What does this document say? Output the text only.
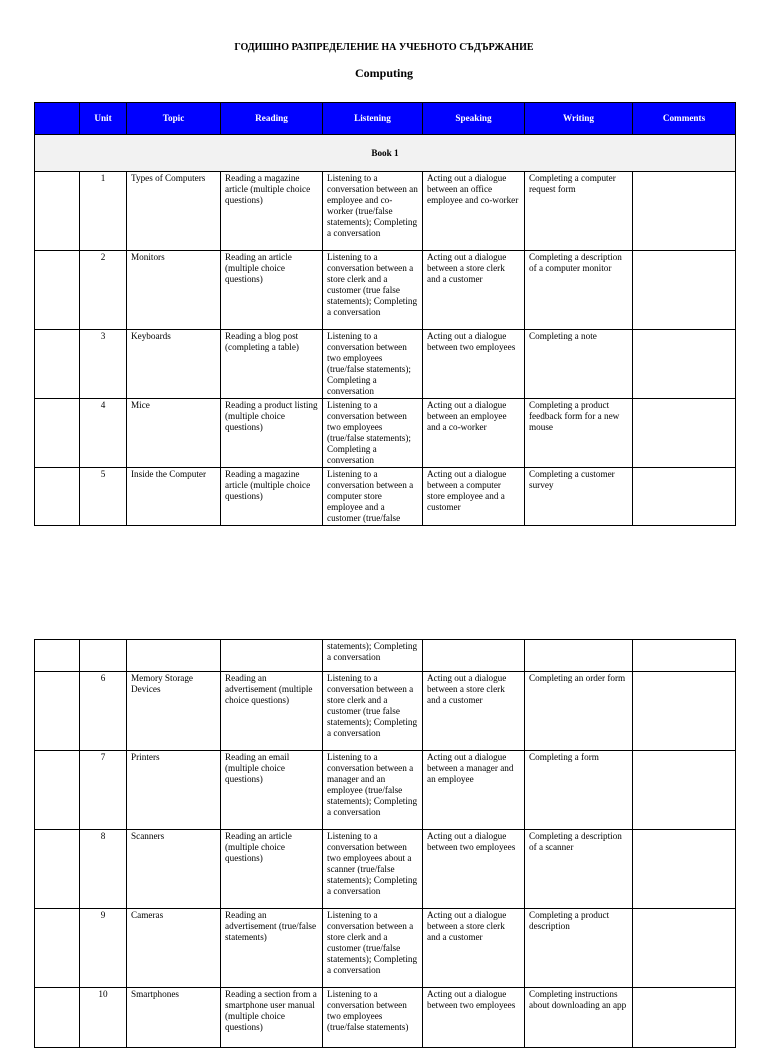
ГОДИШНО РАЗПРЕДЕЛЕНИЕ НА УЧЕБНОТО СЪДЪРЖАНИЕ
Computing
	Unit	Topic	Reading	Listening	Speaking	Writing	Comments
Book 1							
	1	Types of Computers	Reading a magazine article (multiple choice questions)	Listening to a conversation between an employee and co-worker (true/false statements); Completing a conversation	Acting out a dialogue between an office employee and co-worker	Completing a computer request form	
	2	Monitors	Reading an article (multiple choice questions)	Listening to a conversation between a store clerk and a customer (true false statements); Completing a conversation	Acting out a dialogue between a store clerk and a customer	Completing a description of a computer monitor	
	3	Keyboards	Reading a blog post (completing a table)	Listening to a conversation between two employees (true/false statements); Completing a conversation	Acting out a dialogue between two employees	Completing a note	
	4	Mice	Reading a product listing (multiple choice questions)	Listening to a conversation between two employees (true/false statements); Completing a conversation	Acting out a dialogue between an employee and a co-worker	Completing a product feedback form for a new mouse	
	5	Inside the Computer	Reading a magazine article (multiple choice questions)	Listening to a conversation between a computer store employee and a customer (true/false	Acting out a dialogue between a computer store employee and a customer	Completing a customer survey	
				statements); Completing a conversation			
	6	Memory Storage Devices	Reading an advertisement (multiple choice questions)	Listening to a conversation between a store clerk and a customer (true false statements); Completing a conversation	Acting out a dialogue between a store clerk and a customer	Completing an order form	
	7	Printers	Reading an email (multiple choice questions)	Listening to a conversation between a manager and an employee (true/false statements); Completing a conversation	Acting out a dialogue between a manager and an employee	Completing a form	
	8	Scanners	Reading an article (multiple choice questions)	Listening to a conversation between two employees about a scanner (true/false statements); Completing a conversation	Acting out a dialogue between two employees	Completing a description of a scanner	
	9	Cameras	Reading an advertisement (true/false statements)	Listening to a conversation between a store clerk and a customer (true/false statements); Completing a conversation	Acting out a dialogue between a store clerk and a customer	Completing a product description	
	10	Smartphones	Reading a section from a smartphone user manual (multiple choice questions)	Listening to a conversation between two employees (true/false statements)	Acting out a dialogue between two employees	Completing instructions about downloading an app	
